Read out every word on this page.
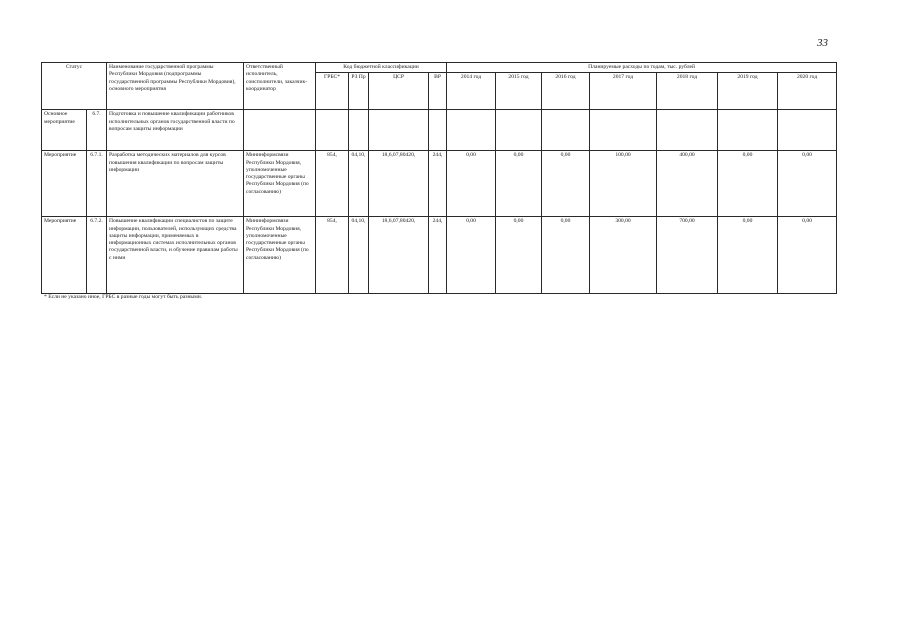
33
Статус		Наименование государственной программы Республики Мордовия (подпрограммы государственной программы Республики Мордовия), основного мероприятия	Ответственный исполнитель, соисполнители, заказчик-координатор	Код бюджетной классификации				Планируемые расходы по годам, тыс. рублей						
				ГРБС*	РЗ Пр	ЦСР	ВР	2014 год	2015 год	2016 год	2017 год	2018 год	2019 год	2020 год
Основное мероприятие	6.7.	Подготовка и повышение квалификации работников исполнительных органов государственной власти по вопросам защиты информации												
Мероприятие	6.7.1.	Разработка методических материалов для курсов повышения квалификации по вопросам защиты информации	Мининформсвязи Республики Мордовия, уполномоченные государственные органы Республики Мордовия (по согласованию)	854,	04,10,	18,6,07,80420,	244,	0,00	0,00	0,00	100,00	400,00	0,00	0,00
Мероприятие	6.7.2.	Повышение квалификации специалистов по защите информации, пользователей, использующих средства защиты информации, применяемых в информационных системах исполнительных органов государственной власти, и обучение правилам работы с ними	Мининформсвязи Республики Мордовия, уполномоченные государственные органы Республики Мордовия (по согласованию)	854,	04,10,	18,6,07,80420,	244,	0,00	0,00	0,00	300,00	700,00	0,00	0,00
* Если не указано иное, ГРБС в разные годы могут быть разными.
